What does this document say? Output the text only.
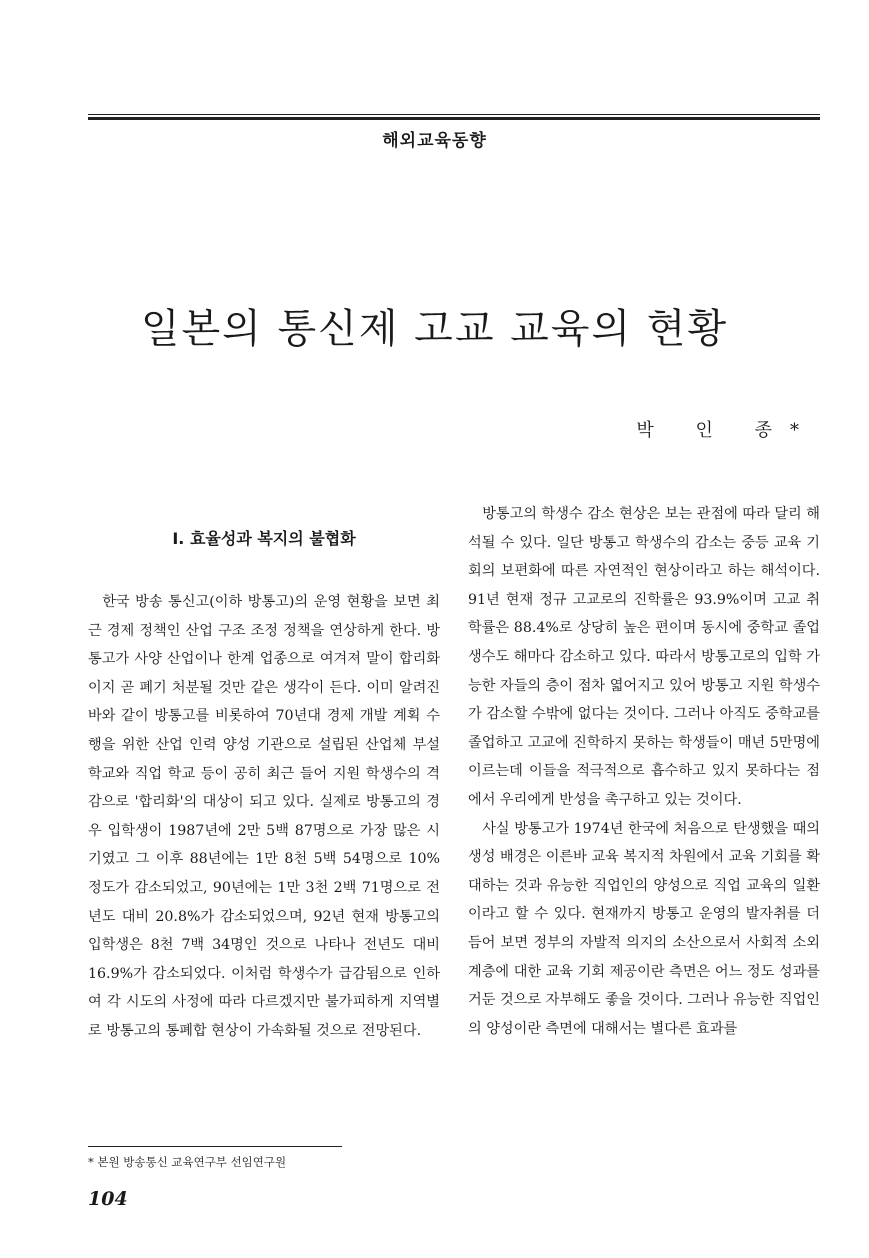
해외교육동향
일본의 통신제 고교 교육의 현황
박 인 종*
Ⅰ. 효율성과 복지의 불협화

한국 방송 통신고(이하 방통고)의 운영 현황을 보면 최근 경제 정책인 산업 구조 조정 정책을 연상하게 한다. 방통고가 사양 산업이나 한계 업종으로 여겨져 말이 합리화이지 곧 폐기 처분될 것만 같은 생각이 든다. 이미 알려진 바와 같이 방통고를 비롯하여 70년대 경제 개발 계획 수행을 위한 산업 인력 양성 기관으로 설립된 산업체 부설 학교와 직업 학교 등이 공히 최근 들어 지원 학생수의 격감으로 '합리화'의 대상이 되고 있다. 실제로 방통고의 경우 입학생이 1987년에 2만 5백 87명으로 가장 많은 시기였고 그 이후 88년에는 1만 8천 5백 54명으로 10% 정도가 감소되었고, 90년에는 1만 3천 2백 71명으로 전년도 대비 20.8%가 감소되었으며, 92년 현재 방통고의 입학생은 8천 7백 34명인 것으로 나타나 전년도 대비 16.9%가 감소되었다. 이처럼 학생수가 급감됨으로 인하여 각 시도의 사정에 따라 다르겠지만 불가피하게 지역별로 방통고의 통폐합 현상이 가속화될 것으로 전망된다.

방통고의 학생수 감소 현상은 보는 관점에 따라 달리 해석될 수 있다. 일단 방통고 학생수의 감소는 중등 교육 기회의 보편화에 따른 자연적인 현상이라고 하는 해석이다. 91년 현재 정규 고교로의 진학률은 93.9%이며 고교 취학률은 88.4%로 상당히 높은 편이며 동시에 중학교 졸업생수도 해마다 감소하고 있다. 따라서 방통고로의 입학 가능한 자들의 층이 점차 엷어지고 있어 방통고 지원 학생수가 감소할 수밖에 없다는 것이다. 그러나 아직도 중학교를 졸업하고 고교에 진학하지 못하는 학생들이 매년 5만명에 이르는데 이들을 적극적으로 흡수하고 있지 못하다는 점에서 우리에게 반성을 촉구하고 있는 것이다.

사실 방통고가 1974년 한국에 처음으로 탄생했을 때의 생성 배경은 이른바 교육 복지적 차원에서 교육 기회를 확대하는 것과 유능한 직업인의 양성으로 직업 교육의 일환이라고 할 수 있다. 현재까지 방통고 운영의 발자취를 더듬어 보면 정부의 자발적 의지의 소산으로서 사회적 소외 계층에 대한 교육 기회 제공이란 측면은 어느 정도 성과를 거둔 것으로 자부해도 좋을 것이다. 그러나 유능한 직업인의 양성이란 측면에 대해서는 별다른 효과를

* 본원 방송통신 교육연구부 선임연구원
104
